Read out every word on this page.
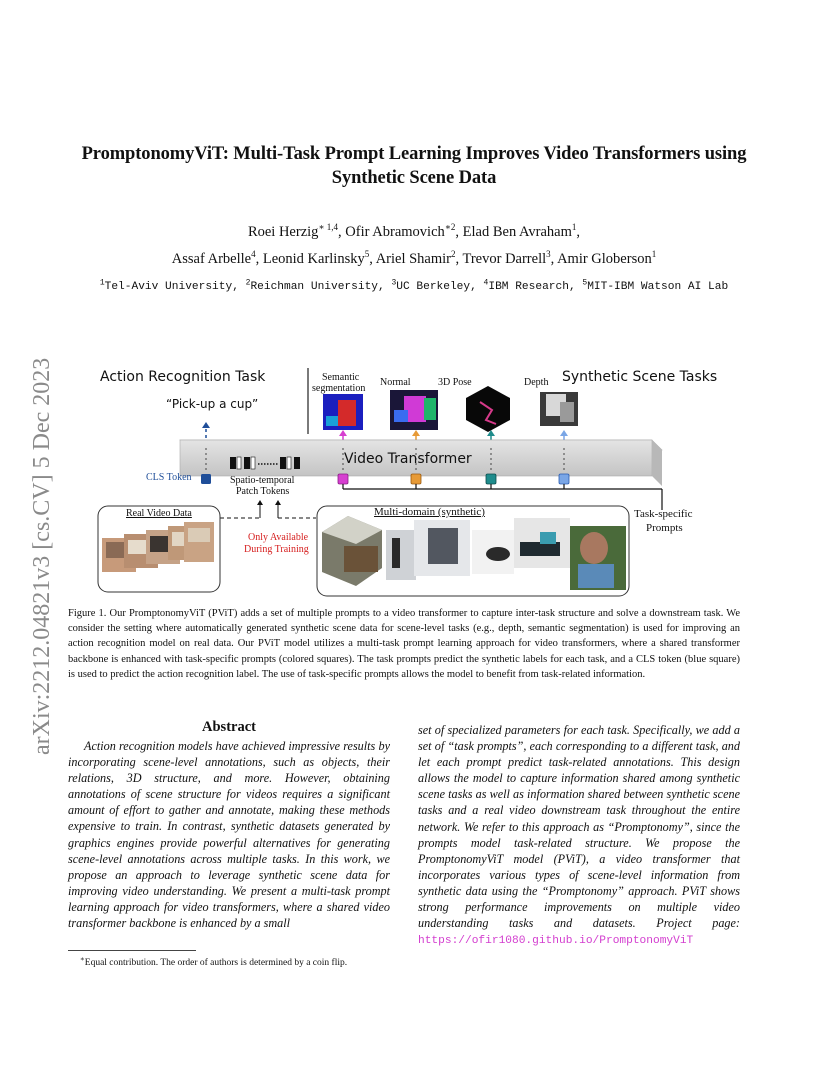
arXiv:2212.04821v3 [cs.CV] 5 Dec 2023
PromptonomyViT: Multi-Task Prompt Learning Improves Video Transformers using
Synthetic Scene Data
Roei Herzig$^{∗ 1,4}$, Ofir Abramovich$^{∗2}$, Elad Ben Avraham$^1$,
Assaf Arbelle$^4$, Leonid Karlinsky$^5$, Ariel Shamir$^2$, Trevor Darrell$^3$, Amir Globerson$^1$
$^1$Tel-Aviv University, $^2$Reichman University, $^3$UC Berkeley, $^4$IBM Research, $^5$MIT-IBM Watson AI Lab
Action Recognition Task	Synthetic Scene Tasks
“Pick-up a cup”
Semantic
segmentation
Normal	3D Pose	Depth
Video Transformer
CLS Token	Spatio-temporal
Patch Tokens
Task-specific
Prompts
Real Video Data	Multi-domain (synthetic)
Only Available
During Training
Figure 1. Our PromptonomyViT (PViT) adds a set of multiple prompts to a video transformer to capture inter-task structure and solve a downstream task. We consider the setting where automatically generated synthetic scene data for scene-level tasks (e.g., depth, semantic segmentation) is used for improving an action recognition model on real data. Our PViT model utilizes a multi-task prompt learning approach for video transformers, where a shared transformer backbone is enhanced with task-specific prompts (colored squares). The task prompts predict the synthetic labels for each task, and a CLS token (blue square) is used to predict the action recognition label. The use of task-specific prompts allows the model to benefit from task-related information.
Abstract
Action recognition models have achieved impressive results by incorporating scene-level annotations, such as objects, their relations, 3D structure, and more. However, obtaining annotations of scene structure for videos requires a significant amount of effort to gather and annotate, making these methods expensive to train. In contrast, synthetic datasets generated by graphics engines provide powerful alternatives for generating scene-level annotations across multiple tasks. In this work, we propose an approach to leverage synthetic scene data for improving video understanding. We present a multi-task prompt learning approach for video transformers, where a shared video transformer backbone is enhanced by a small
set of specialized parameters for each task. Specifically, we add a set of “task prompts”, each corresponding to a different task, and let each prompt predict task-related annotations. This design allows the model to capture information shared among synthetic scene tasks as well as information shared between synthetic scene tasks and a real video downstream task throughout the entire network. We refer to this approach as “Promptonomy”, since the prompts model task-related structure. We propose the PromptonomyViT model (PViT), a video transformer that incorporates various types of scene-level information from synthetic data using the “Promptonomy” approach. PViT shows strong performance improvements on multiple video understanding tasks and datasets. Project page: https://ofir1080.github.io/PromptonomyViT
∗Equal contribution. The order of authors is determined by a coin flip.
